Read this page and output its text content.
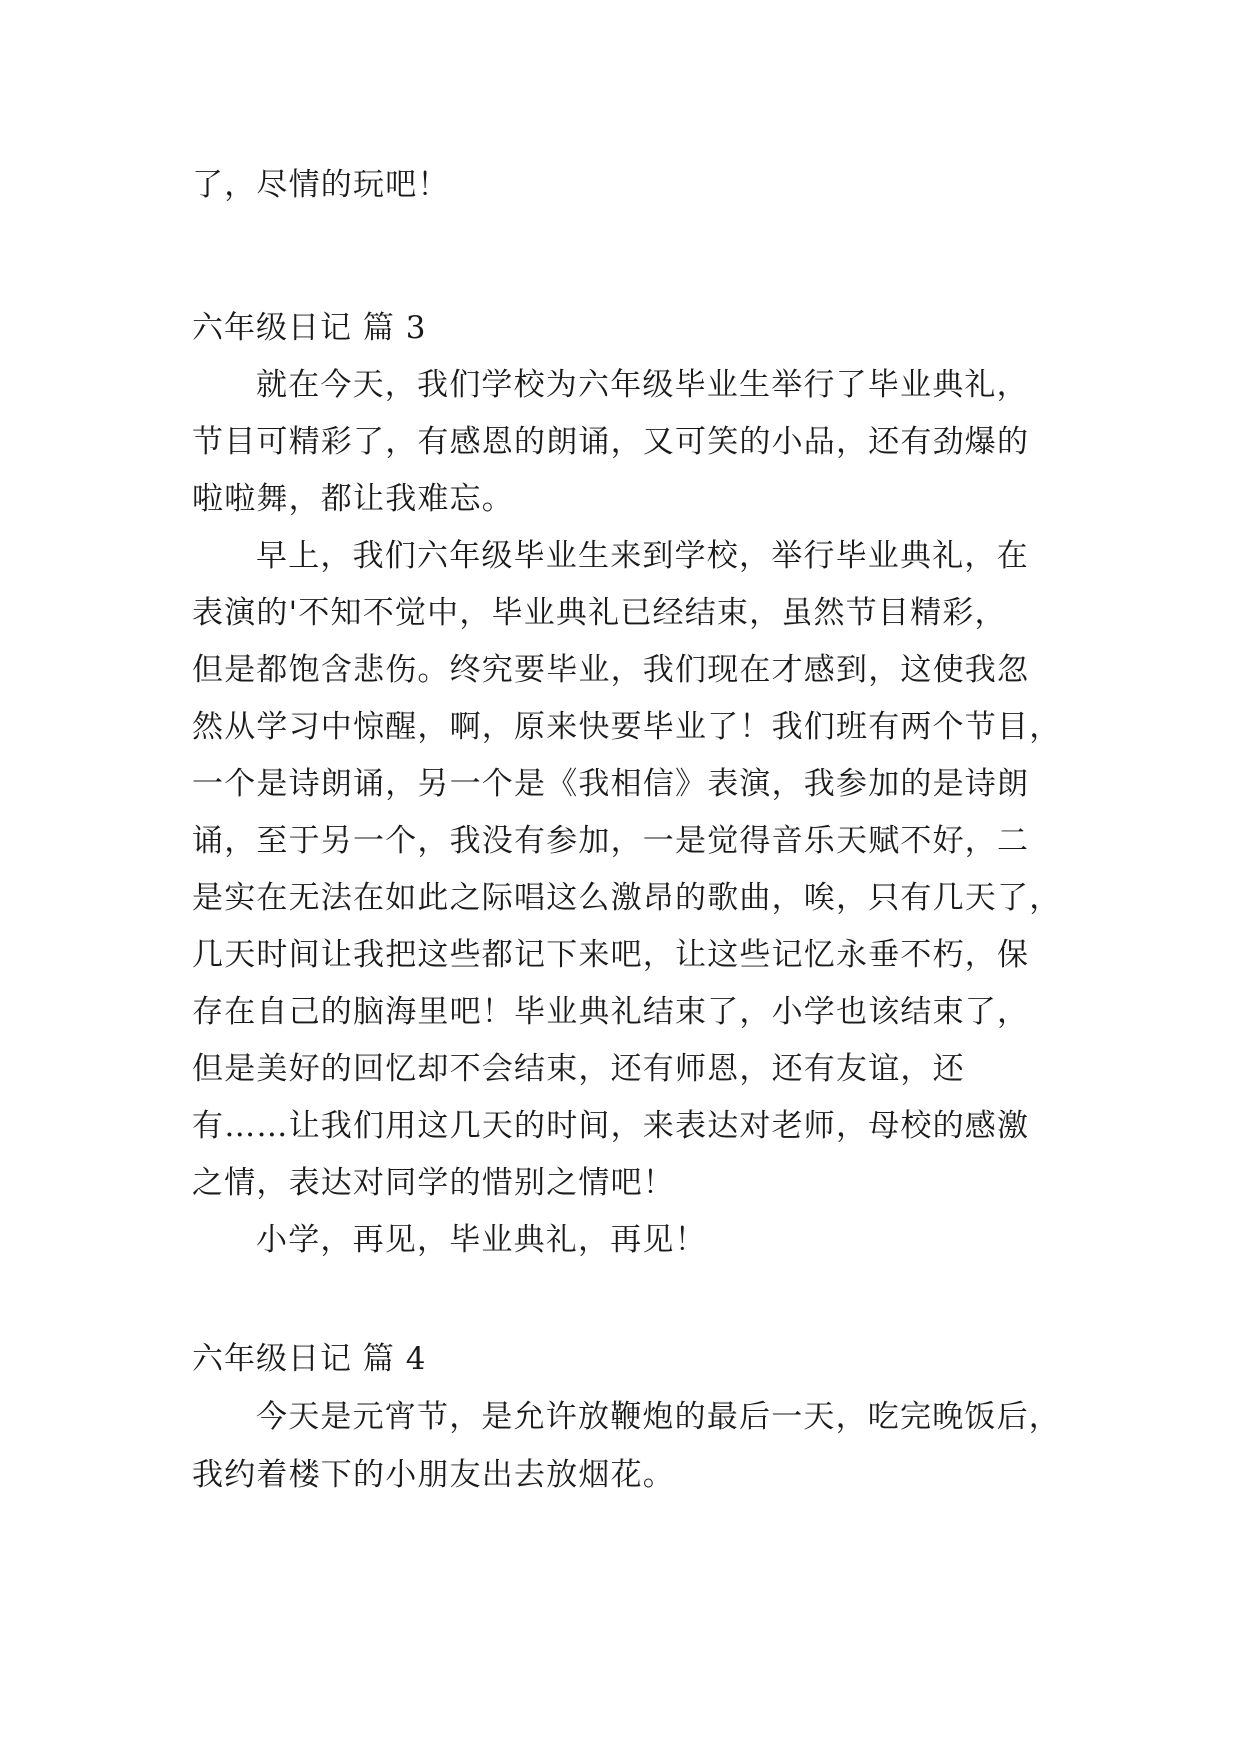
了，尽情的玩吧！
六年级日记 篇 3
就在今天，我们学校为六年级毕业生举行了毕业典礼，
节目可精彩了，有感恩的朗诵，又可笑的小品，还有劲爆的
啦啦舞，都让我难忘。
早上，我们六年级毕业生来到学校，举行毕业典礼，在
表演的'不知不觉中，毕业典礼已经结束，虽然节目精彩，
但是都饱含悲伤。终究要毕业，我们现在才感到，这使我忽
然从学习中惊醒，啊，原来快要毕业了！我们班有两个节目，
一个是诗朗诵，另一个是《我相信》表演，我参加的是诗朗
诵，至于另一个，我没有参加，一是觉得音乐天赋不好，二
是实在无法在如此之际唱这么激昂的歌曲，唉，只有几天了，
几天时间让我把这些都记下来吧，让这些记忆永垂不朽，保
存在自己的脑海里吧！毕业典礼结束了，小学也该结束了，
但是美好的回忆却不会结束，还有师恩，还有友谊，还
有……让我们用这几天的时间，来表达对老师，母校的感激
之情，表达对同学的惜别之情吧！
小学，再见，毕业典礼，再见！
六年级日记 篇 4
今天是元宵节，是允许放鞭炮的最后一天，吃完晚饭后，
我约着楼下的小朋友出去放烟花。
